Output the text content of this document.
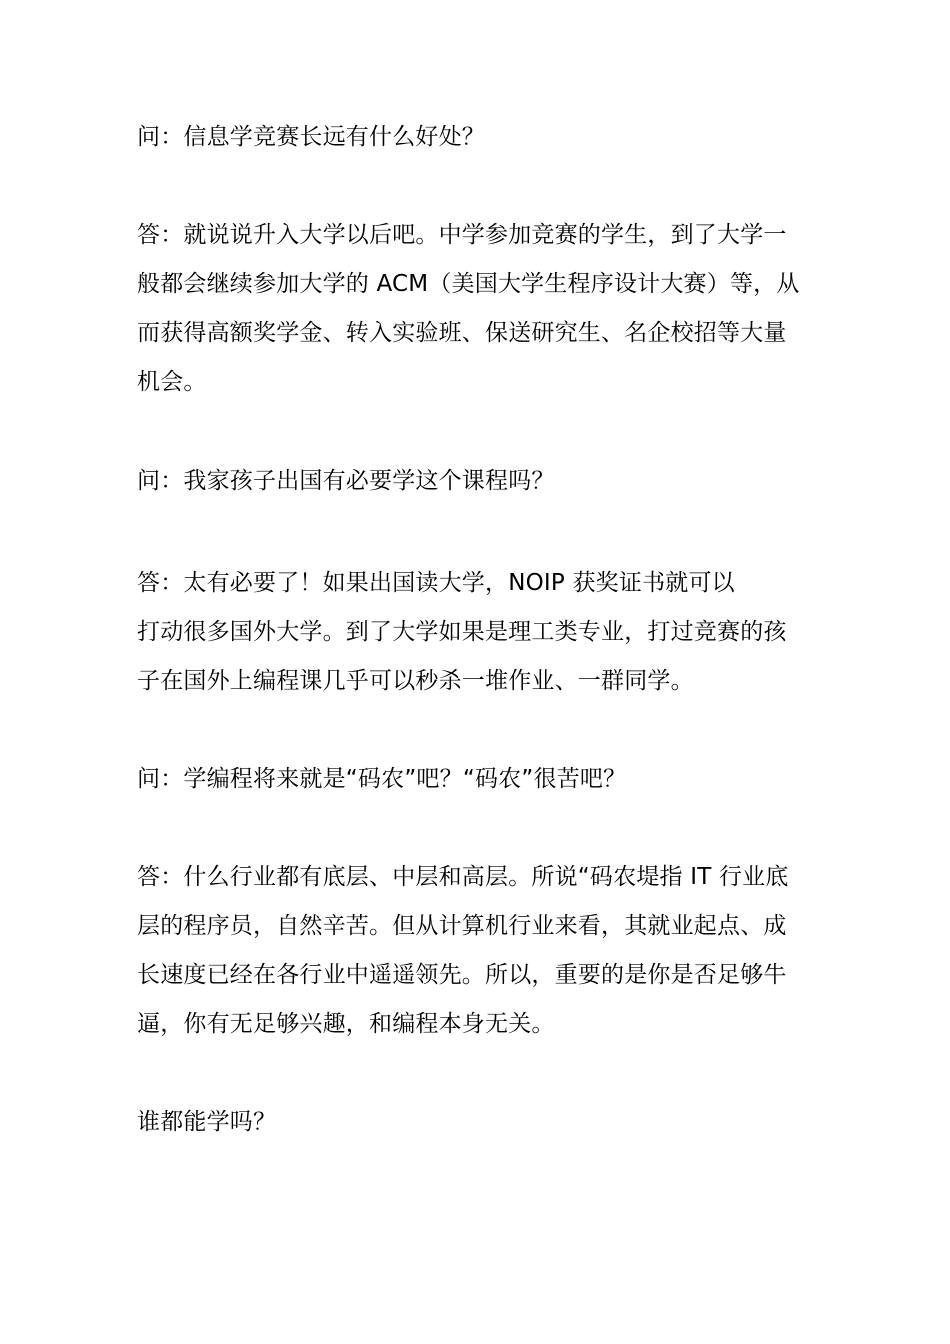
问：信息学竞赛长远有什么好处？
答：就说说升入大学以后吧。中学参加竞赛的学生，到了大学一
般都会继续参加大学的 ACM（美国大学生程序设计大赛）等，从
而获得高额奖学金、转入实验班、保送研究生、名企校招等大量
机会。
问：我家孩子出国有必要学这个课程吗？
答：太有必要了！如果出国读大学，NOIP 获奖证书就可以
打动很多国外大学。到了大学如果是理工类专业，打过竞赛的孩
子在国外上编程课几乎可以秒杀一堆作业、一群同学。
问：学编程将来就是“码农”吧？“码农”很苦吧？
答：什么行业都有底层、中层和高层。所说“码农堤指 IT 行业底
层的程序员，自然辛苦。但从计算机行业来看，其就业起点、成
长速度已经在各行业中遥遥领先。所以，重要的是你是否足够牛
逼，你有无足够兴趣，和编程本身无关。
谁都能学吗？
